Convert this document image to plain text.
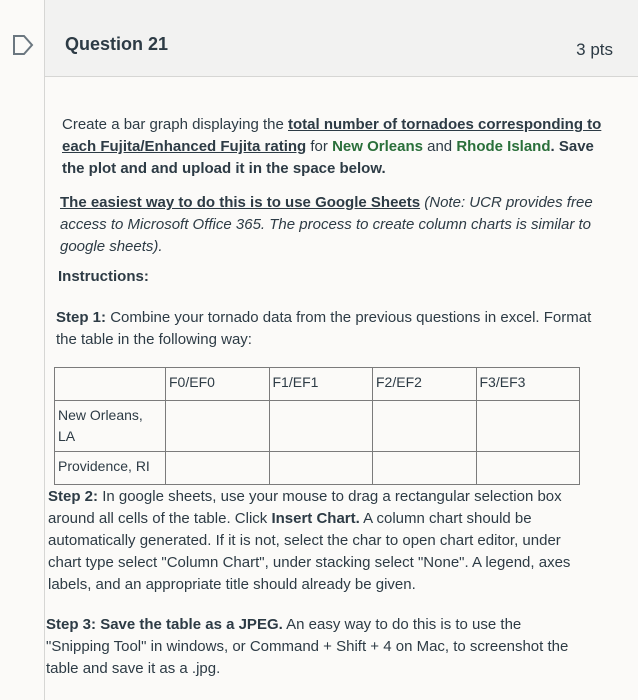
Question 21	3 pts

Create a bar graph displaying the total number of tornadoes corresponding to each Fujita/Enhanced Fujita rating for New Orleans and Rhode Island. Save the plot and and upload it in the space below.

The easiest way to do this is to use Google Sheets (Note: UCR provides free access to Microsoft Office 365. The process to create column charts is similar to google sheets).

Instructions:

Step 1: Combine your tornado data from the previous questions in excel. Format the table in the following way:

	F0/EF0	F1/EF1	F2/EF2	F3/EF3
New Orleans, LA				
Providence, RI				

Step 2: In google sheets, use your mouse to drag a rectangular selection box around all cells of the table. Click Insert Chart. A column chart should be automatically generated. If it is not, select the char to open chart editor, under chart type select "Column Chart", under stacking select "None". A legend, axes labels, and an appropriate title should already be given.

Step 3: Save the table as a JPEG. An easy way to do this is to use the "Snipping Tool" in windows, or Command + Shift + 4 on Mac, to screenshot the table and save it as a .jpg.
